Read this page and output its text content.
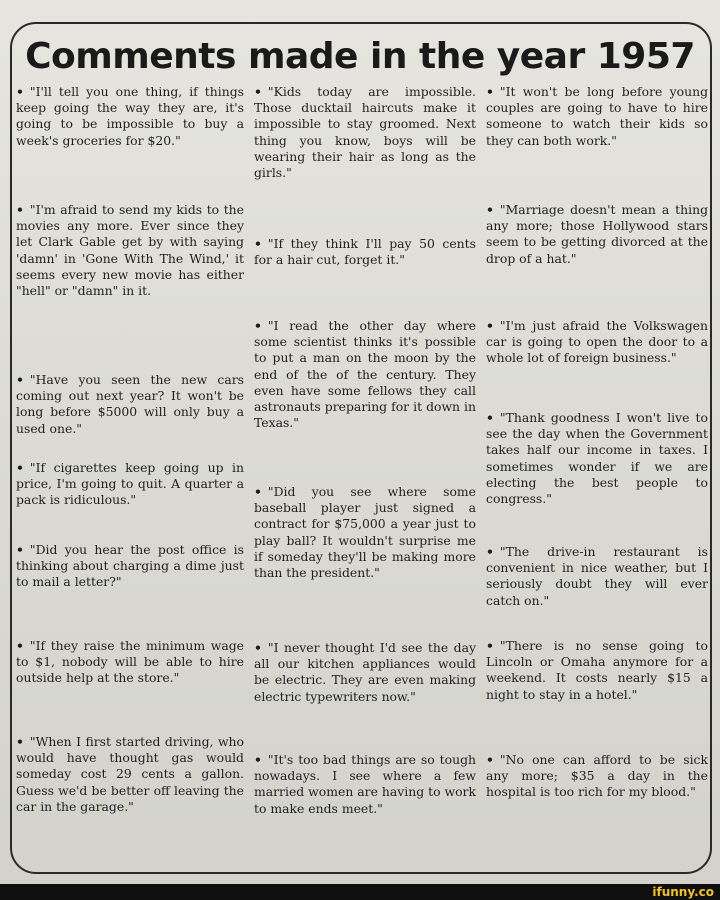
Comments made in the year 1957

• "I'll tell you one thing, if things keep going the way they are, it's going to be impossible to buy a week's groceries for $20."

• "I'm afraid to send my kids to the movies any more. Ever since they let Clark Gable get by with saying 'damn' in 'Gone With The Wind,' it seems every new movie has either "hell" or "damn" in it.

• "Have you seen the new cars coming out next year? It won't be long before $5000 will only buy a used one."

• "If cigarettes keep going up in price, I'm going to quit. A quarter a pack is ridiculous."

• "Did you hear the post office is thinking about charging a dime just to mail a letter?"

• "If they raise the minimum wage to $1, nobody will be able to hire outside help at the store."

• "When I first started driving, who would have thought gas would someday cost 29 cents a gallon. Guess we'd be better off leaving the car in the garage."

• "Kids today are impossible. Those ducktail haircuts make it impossible to stay groomed. Next thing you know, boys will be wearing their hair as long as the girls."

• "If they think I'll pay 50 cents for a hair cut, forget it."

• "I read the other day where some scientist thinks it's possible to put a man on the moon by the end of the of the century. They even have some fellows they call astronauts preparing for it down in Texas."

• "Did you see where some baseball player just signed a contract for $75,000 a year just to play ball? It wouldn't surprise me if someday they'll be making more than the president."

• "I never thought I'd see the day all our kitchen appliances would be electric. They are even making electric typewriters now."

• "It's too bad things are so tough nowadays. I see where a few married women are having to work to make ends meet."

• "It won't be long before young couples are going to have to hire someone to watch their kids so they can both work."

• "Marriage doesn't mean a thing any more; those Hollywood stars seem to be getting divorced at the drop of a hat."

• "I'm just afraid the Volkswagen car is going to open the door to a whole lot of foreign business."

• "Thank goodness I won't live to see the day when the Government takes half our income in taxes. I sometimes wonder if we are electing the best people to congress."

• "The drive-in restaurant is convenient in nice weather, but I seriously doubt they will ever catch on."

• "There is no sense going to Lincoln or Omaha anymore for a weekend. It costs nearly $15 a night to stay in a hotel."

• "No one can afford to be sick any more; $35 a day in the hospital is too rich for my blood."

ifunny.co
